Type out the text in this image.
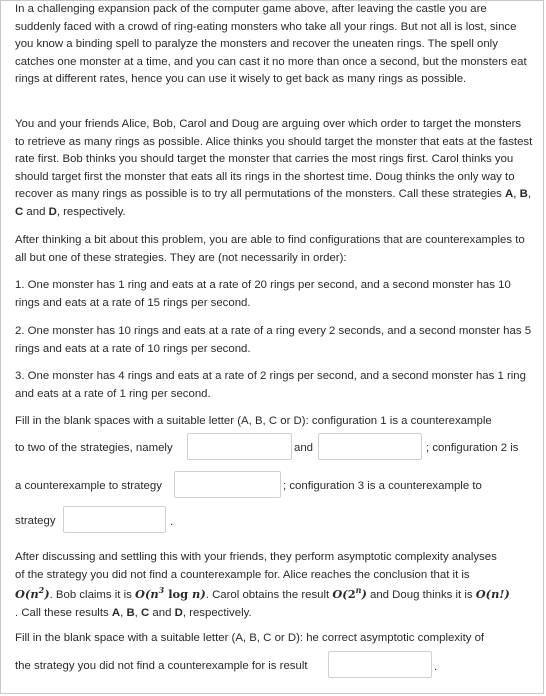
In a challenging expansion pack of the computer game above, after leaving the castle you are suddenly faced with a crowd of ring-eating monsters who take all your rings. But not all is lost, since you know a binding spell to paralyze the monsters and recover the uneaten rings. The spell only catches one monster at a time, and you can cast it no more than once a second, but the monsters eat rings at different rates, hence you can use it wisely to get back as many rings as possible.

You and your friends Alice, Bob, Carol and Doug are arguing over which order to target the monsters to retrieve as many rings as possible. Alice thinks you should target the monster that eats at the fastest rate first. Bob thinks you should target the monster that carries the most rings first. Carol thinks you should target first the monster that eats all its rings in the shortest time. Doug thinks the only way to recover as many rings as possible is to try all permutations of the monsters. Call these strategies A, B, C and D, respectively.

After thinking a bit about this problem, you are able to find configurations that are counterexamples to all but one of these strategies. They are (not necessarily in order):

1. One monster has 1 ring and eats at a rate of 20 rings per second, and a second monster has 10 rings and eats at a rate of 15 rings per second.

2. One monster has 10 rings and eats at a rate of a ring every 2 seconds, and a second monster has 5 rings and eats at a rate of 10 rings per second.

3. One monster has 4 rings and eats at a rate of 2 rings per second, and a second monster has 1 ring and eats at a rate of 1 ring per second.

Fill in the blank spaces with a suitable letter (A, B, C or D): configuration 1 is a counterexample

to two of the strategies, namely	and	; configuration 2 is
a counterexample to strategy	; configuration 3 is a counterexample to
strategy	.

After discussing and settling this with your friends, they perform asymptotic complexity analyses

of the strategy you did not find a counterexample for. Alice reaches the conclusion that it is

$O(n^2)$. Bob claims it is $O(n^3$ log n). Carol obtains the result O(2$^n$) and Doug thinks it is O(n!)

. Call these results A, B, C and D, respectively.

Fill in the blank space with a suitable letter (A, B, C or D): he correct asymptotic complexity of

the strategy you did not find a counterexample for is result	.
